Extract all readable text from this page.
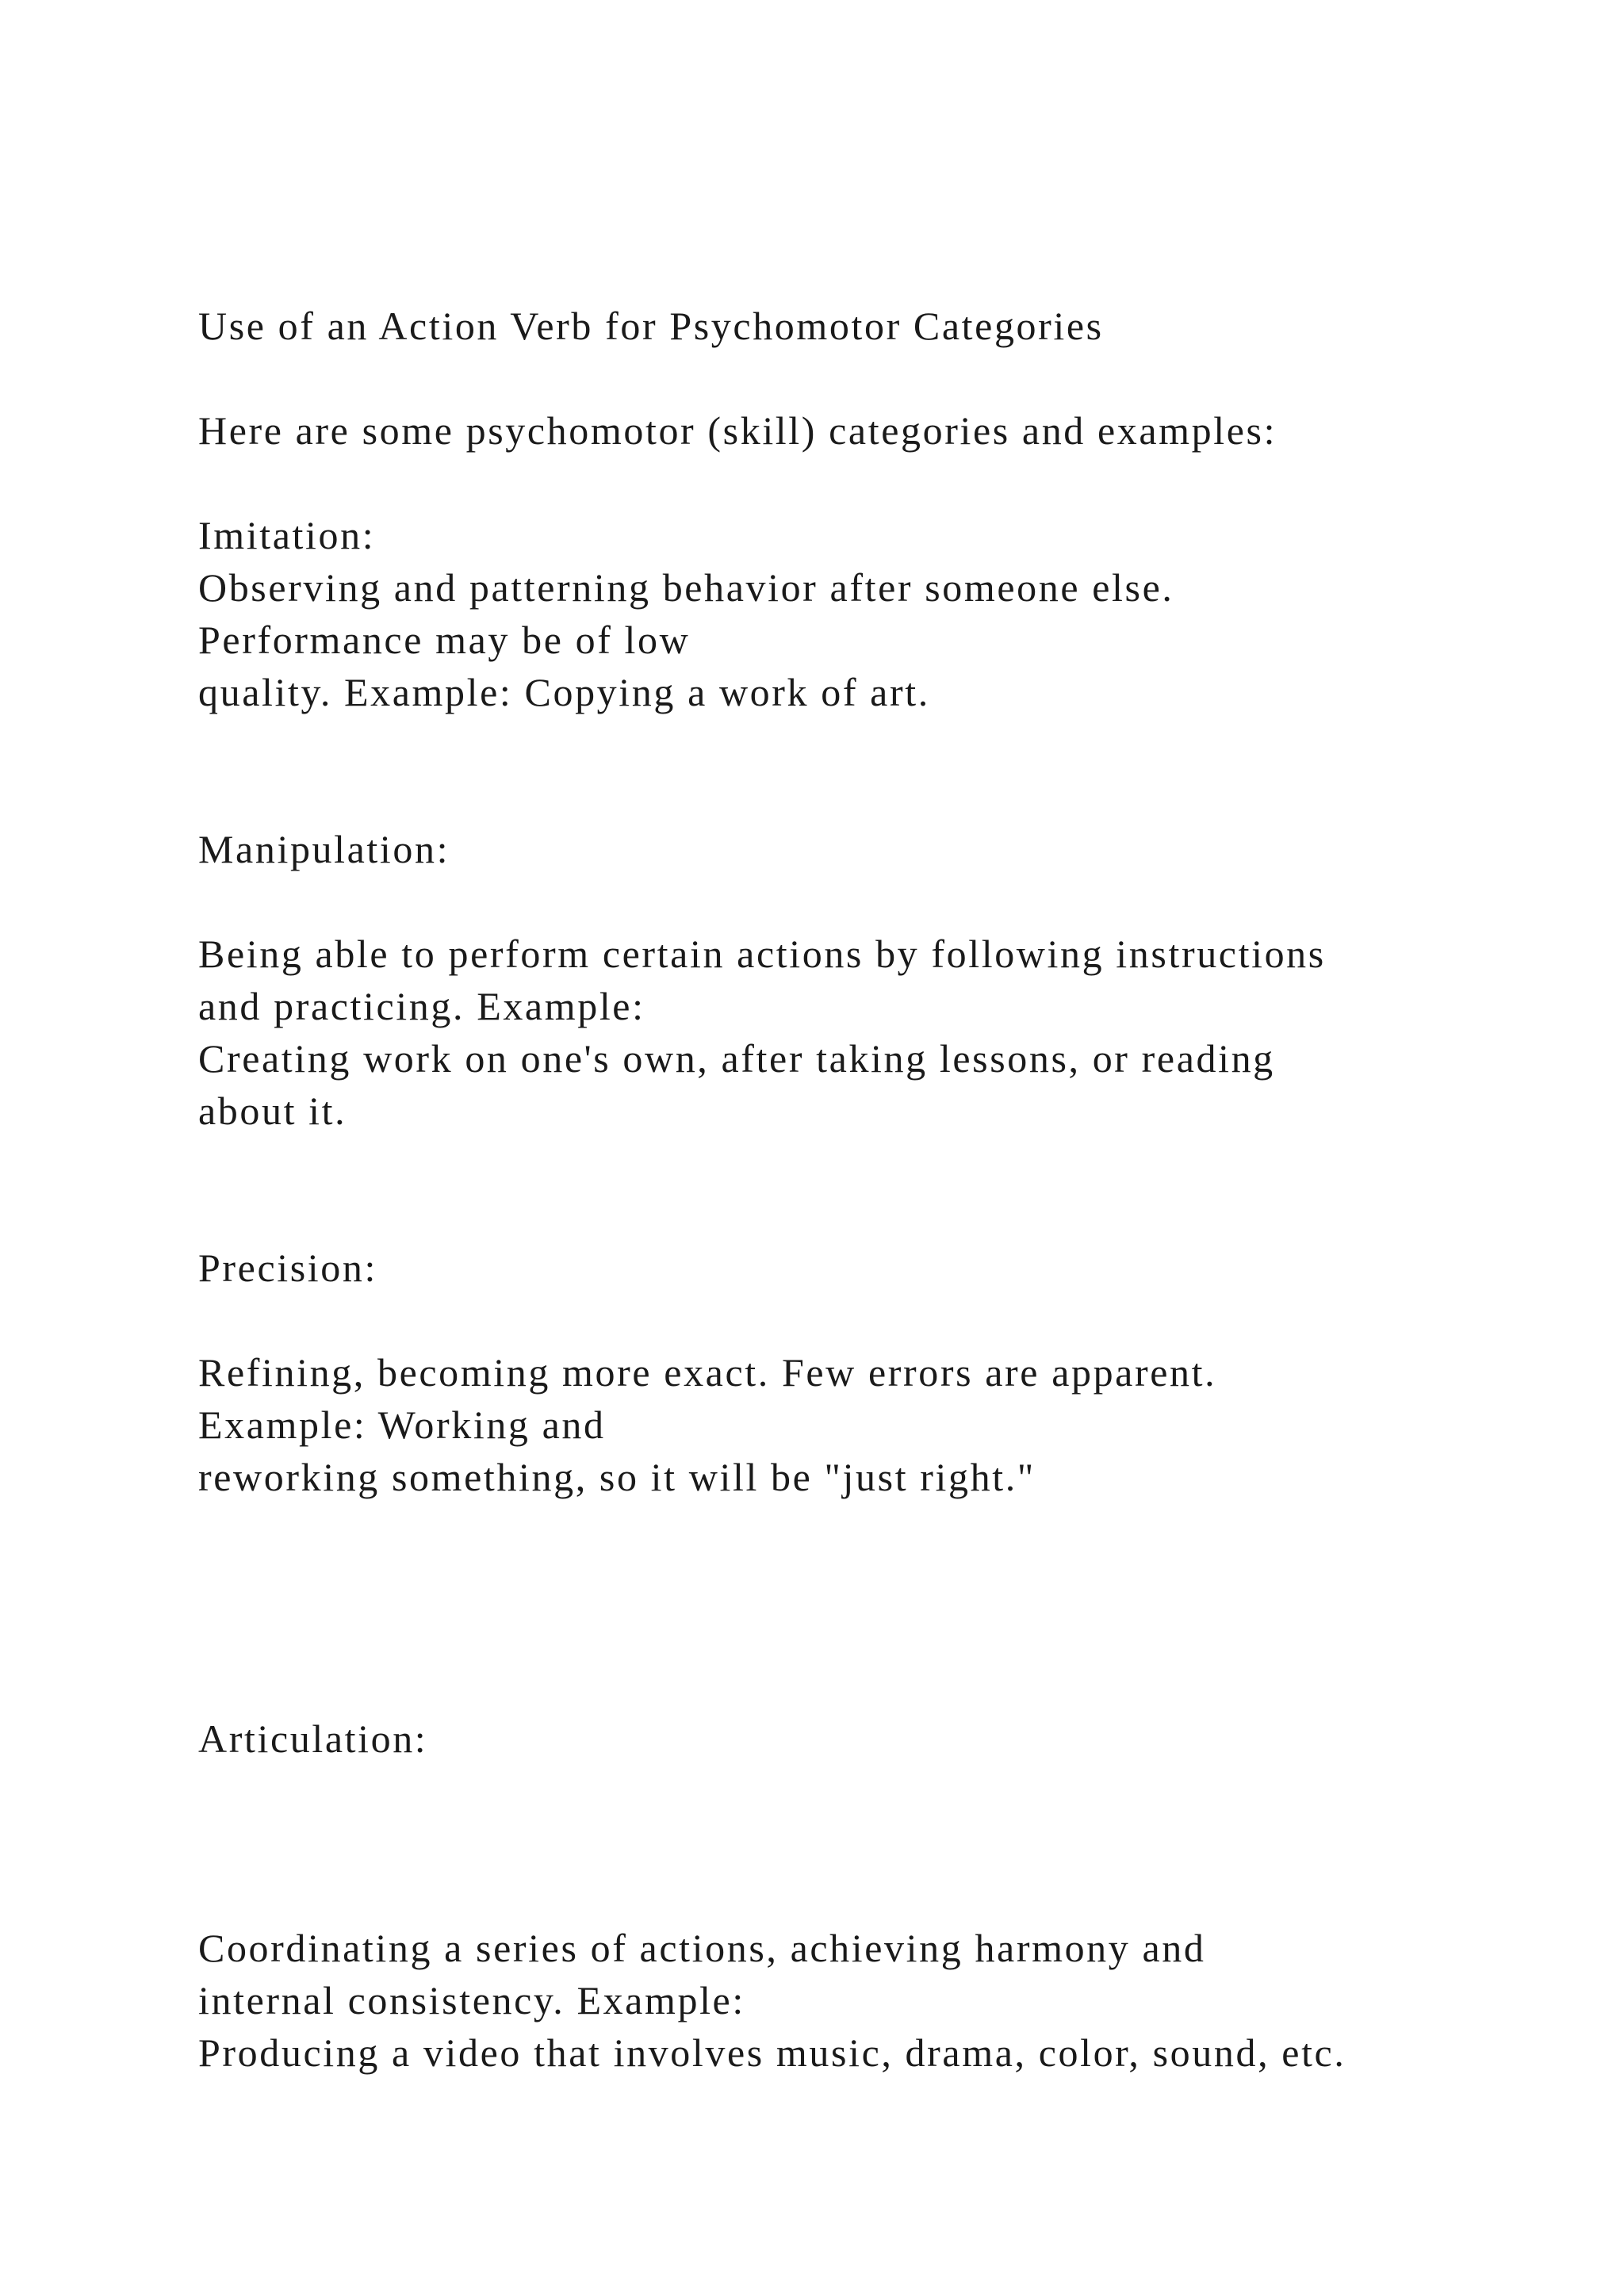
Use of an Action Verb for Psychomotor Categories

Here are some psychomotor (skill) categories and examples:

Imitation:

Observing and patterning behavior after someone else.

Performance may be of low

quality. Example: Copying a work of art.

Manipulation:

Being able to perform certain actions by following instructions

and practicing. Example:

Creating work on one's own, after taking lessons, or reading

about it.

Precision:

Refining, becoming more exact. Few errors are apparent.

Example: Working and

reworking something, so it will be "just right."

Articulation:

Coordinating a series of actions, achieving harmony and

internal consistency. Example:

Producing a video that involves music, drama, color, sound, etc.
